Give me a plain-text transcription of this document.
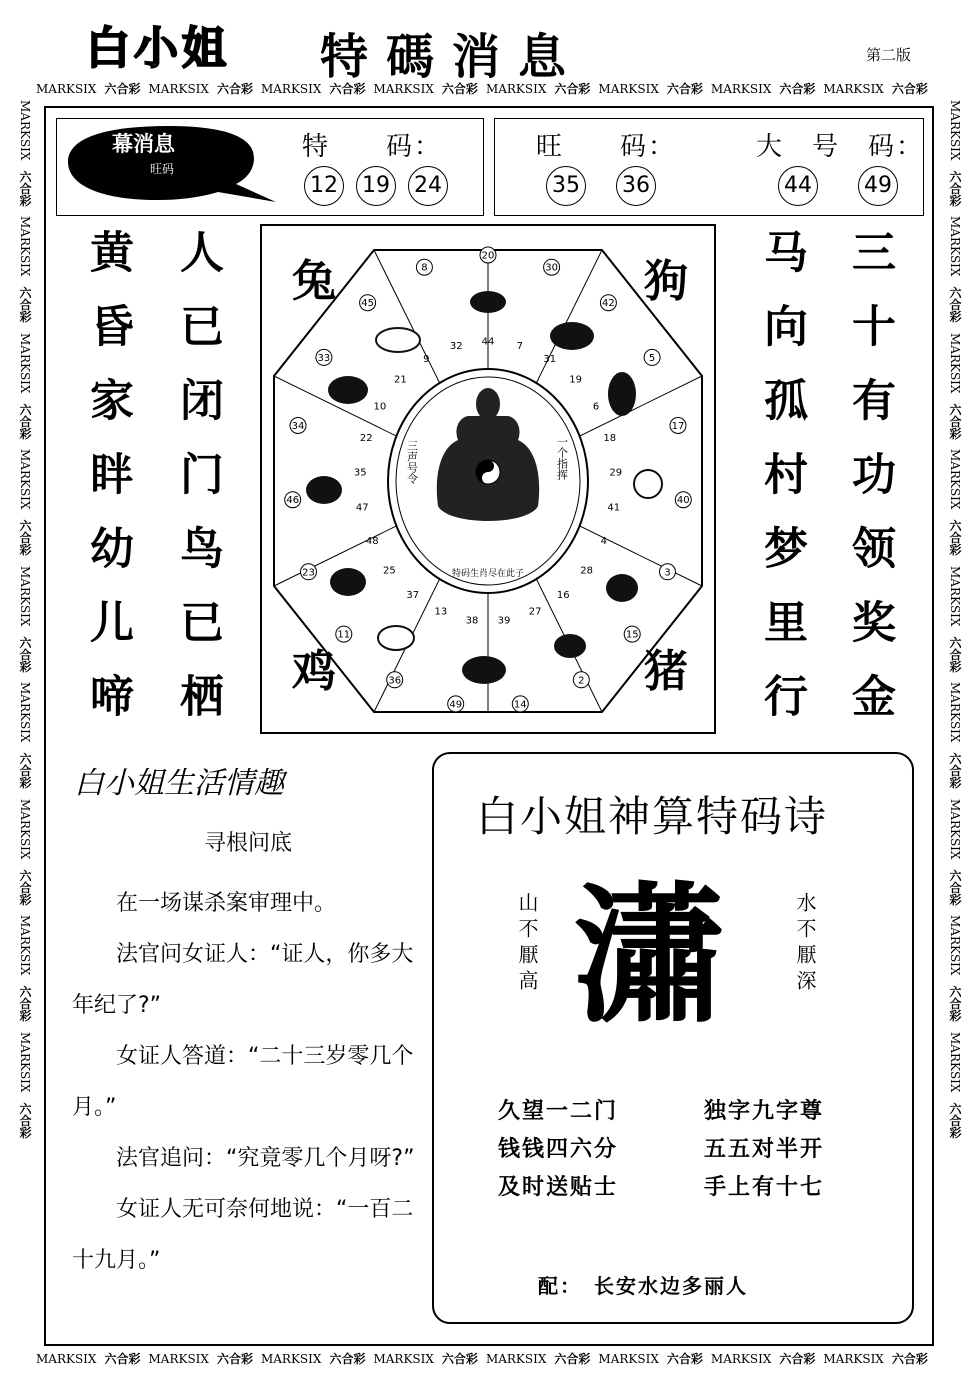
白小姐 特碼消息	第二版
MARKSIX 六合彩 MARKSIX 六合彩 MARKSIX 六合彩 MARKSIX 六合彩 MARKSIX 六合彩 MARKSIX 六合彩 MARKSIX 六合彩 MARKSIX 六合彩
MARKSIX 六合彩 MARKSIX 六合彩 MARKSIX 六合彩 MARKSIX 六合彩 MARKSIX 六合彩 MARKSIX 六合彩 MARKSIX 六合彩 MARKSIX 六合彩
MARKSIX六合彩MARKSIX六合彩MARKSIX六合彩MARKSIX六合彩MARKSIX六合彩MARKSIX六合彩MARKSIX六合彩MARKSIX六合彩MARKSIX六合彩
MARKSIX六合彩MARKSIX六合彩MARKSIX六合彩MARKSIX六合彩MARKSIX六合彩MARKSIX六合彩MARKSIX六合彩MARKSIX六合彩MARKSIX六合彩
幕消息
旺码
特　　码：
12 19 24
旺　　码：
35 36
大　号　码：
44 49
黄昏家眫幼儿啼 人已闭门鸟已栖	马向孤村梦里行 三十有功领奖金
44
32
9
21
10
22
35
47
48
25
37
13
38 39
27
16
28
4
41
29
18
6
19
31
7
20
8
45
33
34
46
23
11
36
49	14
2
15
3
40
17
5
42
30
兔	狗
鸡	猪
三声号令	一个指挥
特码生肖尽在此子
白小姐生活情趣
寻根问底

在一场谋杀案审理中。

法官问女证人：“证人，你多大年纪了?”

女证人答道：“二十三岁零几个月。”

法官追问：“究竟零几个月呀?”

女证人无可奈何地说：“一百二十九月。”

白小姐神算特码诗
山不厭高	水不厭深
瀟
久望一二门
钱钱四六分
及时送贴士
独字九字尊
五五对半开
手上有十七
配：　长安水边多丽人
